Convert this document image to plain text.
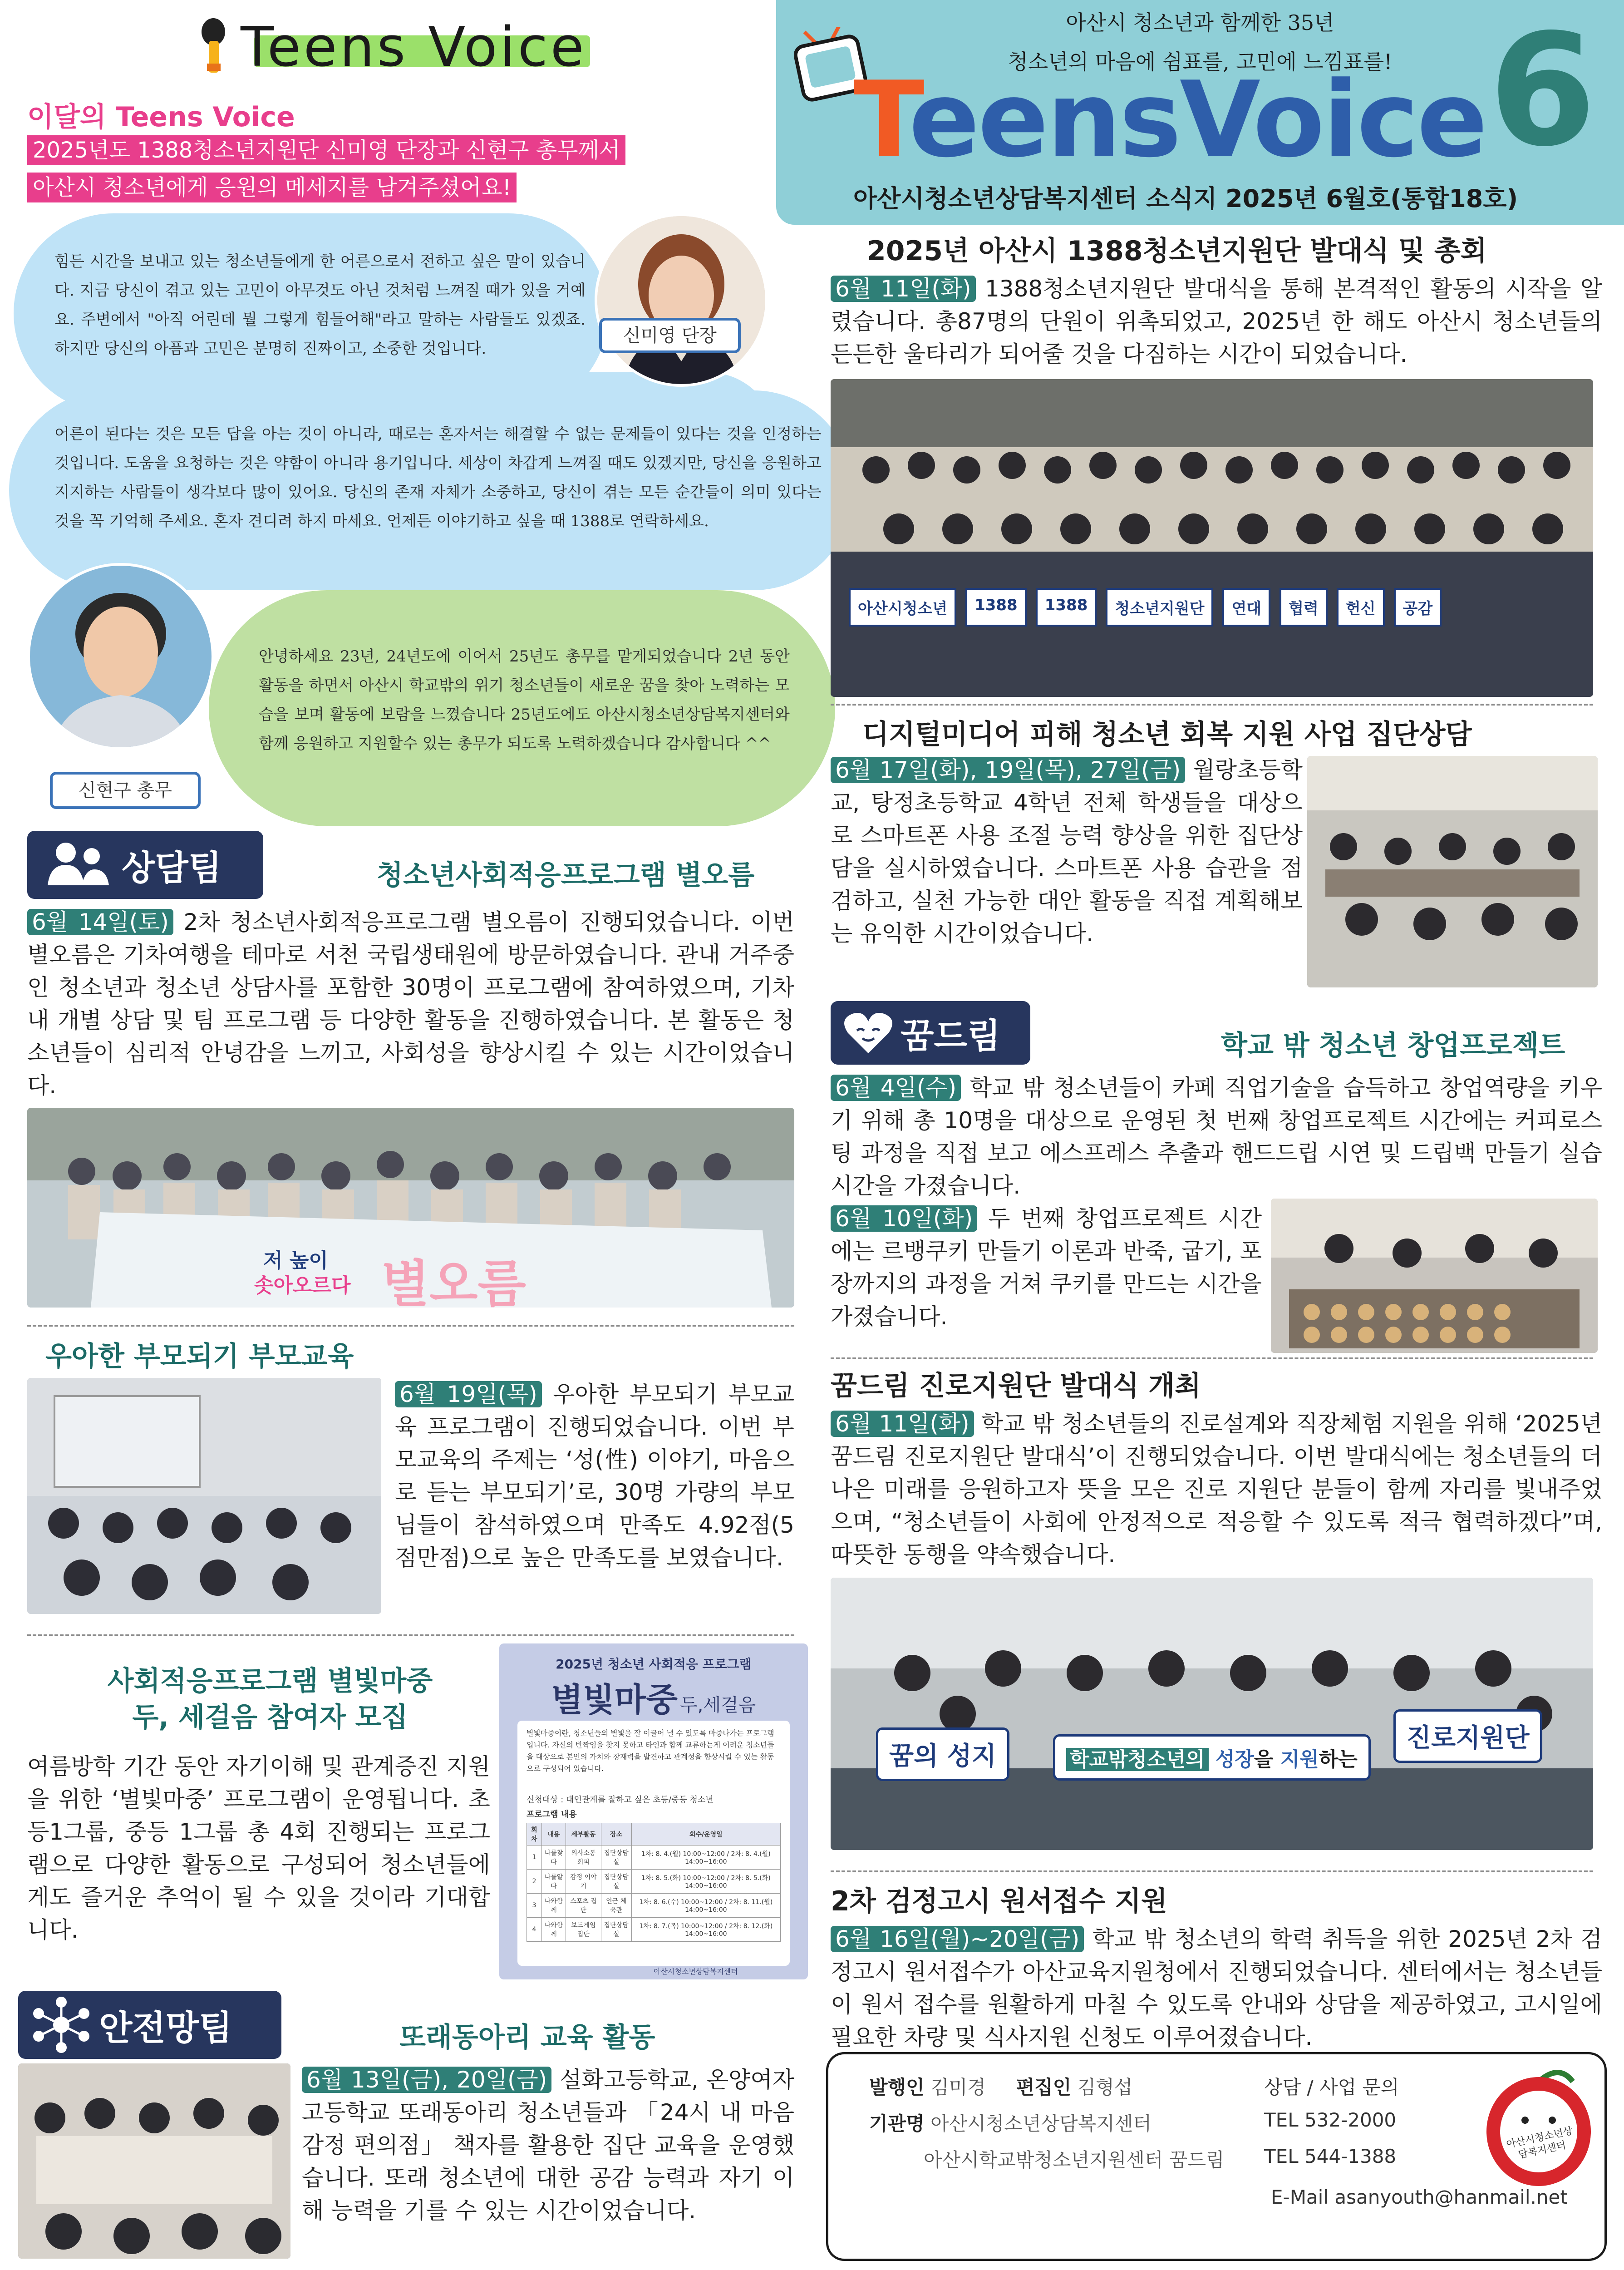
Teens Voice
이달의 Teens Voice
2025년도 1388청소년지원단 신미영 단장과 신현구 총무께서
아산시 청소년에게 응원의 메세지를 남겨주셨어요!

힘든 시간을 보내고 있는 청소년들에게 한 어른으로서 전하고 싶은 말이 있습니다. 지금 당신이 겪고 있는 고민이 아무것도 아닌 것처럼 느껴질 때가 있을 거예요. 주변에서 "아직 어린데 뭘 그렇게 힘들어해"라고 말하는 사람들도 있겠죠. 하지만 당신의 아픔과 고민은 분명히 진짜이고, 소중한 것입니다.

어른이 된다는 것은 모든 답을 아는 것이 아니라, 때로는 혼자서는 해결할 수 없는 문제들이 있다는 것을 인정하는 것입니다. 도움을 요청하는 것은 약함이 아니라 용기입니다. 세상이 차갑게 느껴질 때도 있겠지만, 당신을 응원하고 지지하는 사람들이 생각보다 많이 있어요. 당신의 존재 자체가 소중하고, 당신이 겪는 모든 순간들이 의미 있다는 것을 꼭 기억해 주세요. 혼자 견디려 하지 마세요. 언제든 이야기하고 싶을 때 1388로 연락하세요.

신미영 단장
신현구 총무

안녕하세요 23년, 24년도에 이어서 25년도 총무를 맡게되었습니다 2년 동안 활동을 하면서 아산시 학교밖의 위기 청소년들이 새로운 꿈을 찾아 노력하는 모습을 보며 활동에 보람을 느꼈습니다 25년도에도 아산시청소년상담복지센터와 함께 응원하고 지원할수 있는 총무가 되도록 노력하겠습니다 감사합니다 ^^

상담팀	청소년사회적응프로그램 별오름

6월 14일(토) 2차 청소년사회적응프로그램 별오름이 진행되었습니다. 이번 별오름은 기차여행을 테마로 서천 국립생태원에 방문하였습니다. 관내 거주중인 청소년과 청소년 상담사를 포함한 30명이 프로그램에 참여하였으며, 기차 내 개별 상담 및 팀 프로그램 등 다양한 활동을 진행하였습니다. 본 활동은 청소년들이 심리적 안녕감을 느끼고, 사회성을 향상시킬 수 있는 시간이었습니다.

저 높이
솟아오르다 별오름
우아한 부모되기 부모교육

6월 19일(목) 우아한 부모되기 부모교육 프로그램이 진행되었습니다. 이번 부모교육의 주제는 ‘성(性) 이야기, 마음으로 듣는 부모되기’로, 30명 가량의 부모님들이 참석하였으며 만족도 4.92점(5점만점)으로 높은 만족도를 보였습니다.

사회적응프로그램 별빛마중
두, 세걸음 참여자 모집

여름방학 기간 동안 자기이해 및 관계증진 지원을 위한 ‘별빛마중’ 프로그램이 운영됩니다. 초등1그룹, 중등 1그룹 총 4회 진행되는 프로그램으로 다양한 활동으로 구성되어 청소년들에게도 즐거운 추억이 될 수 있을 것이라 기대합니다.

2025년 청소년 사회적응 프로그램
별빛마중 두,세걸음

별빛마중이란, 청소년들의 별빛을 잘 이끌어 낼 수 있도록 마중나가는 프로그램입니다. 자신의 반짝임을 찾지 못하고 타인과 함께 교류하는게 어려운 청소년들을 대상으로 본인의 가치와 장재력을 발견하고 관계성을 향상시킬 수 있는 활동으로 구성되어 있습니다.

신청대상 : 대인관계를 잘하고 싶은 초등/중등 청소년
프로그램 내용
회차	내용	세부활동	장소	회수/운영일
1	나를찾다	의사소통 회피	집단상담실	1차: 8. 4.(월) 10:00~12:00 / 2차: 8. 4.(월) 14:00~16:00
2	나를알다	감정 이야기	집단상담실	1차: 8. 5.(화) 10:00~12:00 / 2차: 8. 5.(화) 14:00~16:00
3	나와함께	스포츠 집단	인근 체육관	1차: 8. 6.(수) 10:00~12:00 / 2차: 8. 11.(월) 14:00~16:00
4	나와함께	보드게임 집단	집단상담실	1차: 8. 7.(목) 10:00~12:00 / 2차: 8. 12.(화) 14:00~16:00
아산시청소년상담복지센터
안전망팀	또래동아리 교육 활동

6월 13일(금), 20일(금) 설화고등학교, 온양여자고등학교 또래동아리 청소년들과 「24시 내 마음 감정 편의점」 책자를 활용한 집단 교육을 운영했습니다. 또래 청소년에 대한 공감 능력과 자기 이해 능력을 기를 수 있는 시간이었습니다.

아산시 청소년과 함께한 35년
청소년의 마음에 쉼표를, 고민에 느낌표를!
TeensVoice 6
아산시청소년상담복지센터 소식지 2025년 6월호(통합18호)
2025년 아산시 1388청소년지원단 발대식 및 총회

6월 11일(화) 1388청소년지원단 발대식을 통해 본격적인 활동의 시작을 알렸습니다. 총87명의 단원이 위촉되었고, 2025년 한 해도 아산시 청소년들의 든든한 울타리가 되어줄 것을 다짐하는 시간이 되었습니다.

아산시청소년	1388	1388	청소년지원단	연대	협력	헌신	공감
디지털미디어 피해 청소년 회복 지원 사업 집단상담

6월 17일(화), 19일(목), 27일(금) 월랑초등학교, 탕정초등학교 4학년 전체 학생들을 대상으로 스마트폰 사용 조절 능력 향상을 위한 집단상담을 실시하였습니다. 스마트폰 사용 습관을 점검하고, 실천 가능한 대안 활동을 직접 계획해보는 유익한 시간이었습니다.

꿈드림	학교 밖 청소년 창업프로젝트

6월 4일(수) 학교 밖 청소년들이 카페 직업기술을 습득하고 창업역량을 키우기 위해 총 10명을 대상으로 운영된 첫 번째 창업프로젝트 시간에는 커피로스팅 과정을 직접 보고 에스프레스 추출과 핸드드립 시연 및 드립백 만들기 실습시간을 가졌습니다.

6월 10일(화) 두 번째 창업프로젝트 시간에는 르뱅쿠키 만들기 이론과 반죽, 굽기, 포장까지의 과정을 거쳐 쿠키를 만드는 시간을 가졌습니다.

꿈드림 진로지원단 발대식 개최

6월 11일(화) 학교 밖 청소년들의 진로설계와 직장체험 지원을 위해 ‘2025년 꿈드림 진로지원단 발대식’이 진행되었습니다. 이번 발대식에는 청소년들의 더 나은 미래를 응원하고자 뜻을 모은 진로 지원단 분들이 함께 자리를 빛내주었으며, “청소년들이 사회에 안정적으로 적응할 수 있도록 적극 협력하겠다”며, 따뜻한 동행을 약속했습니다.

꿈의 성지	학교밖청소년의 성장을 지원하는
진로지원단
2차 검정고시 원서접수 지원

6월 16일(월)~20일(금) 학교 밖 청소년의 학력 취득을 위한 2025년 2차 검정고시 원서접수가 아산교육지원청에서 진행되었습니다. 센터에서는 청소년들이 원서 접수를 원활하게 마칠 수 있도록 안내와 상담을 제공하였고, 고시일에 필요한 차량 및 식사지원 신청도 이루어졌습니다.

발행인 김미경 편집인 김형섭
기관명 아산시청소년상담복지센터
아산시학교밖청소년지원센터 꿈드림
상담 / 사업 문의
TEL 532-2000
TEL 544-1388
E-Mail asanyouth@hanmail.net
아산시청소년상담복지센터
